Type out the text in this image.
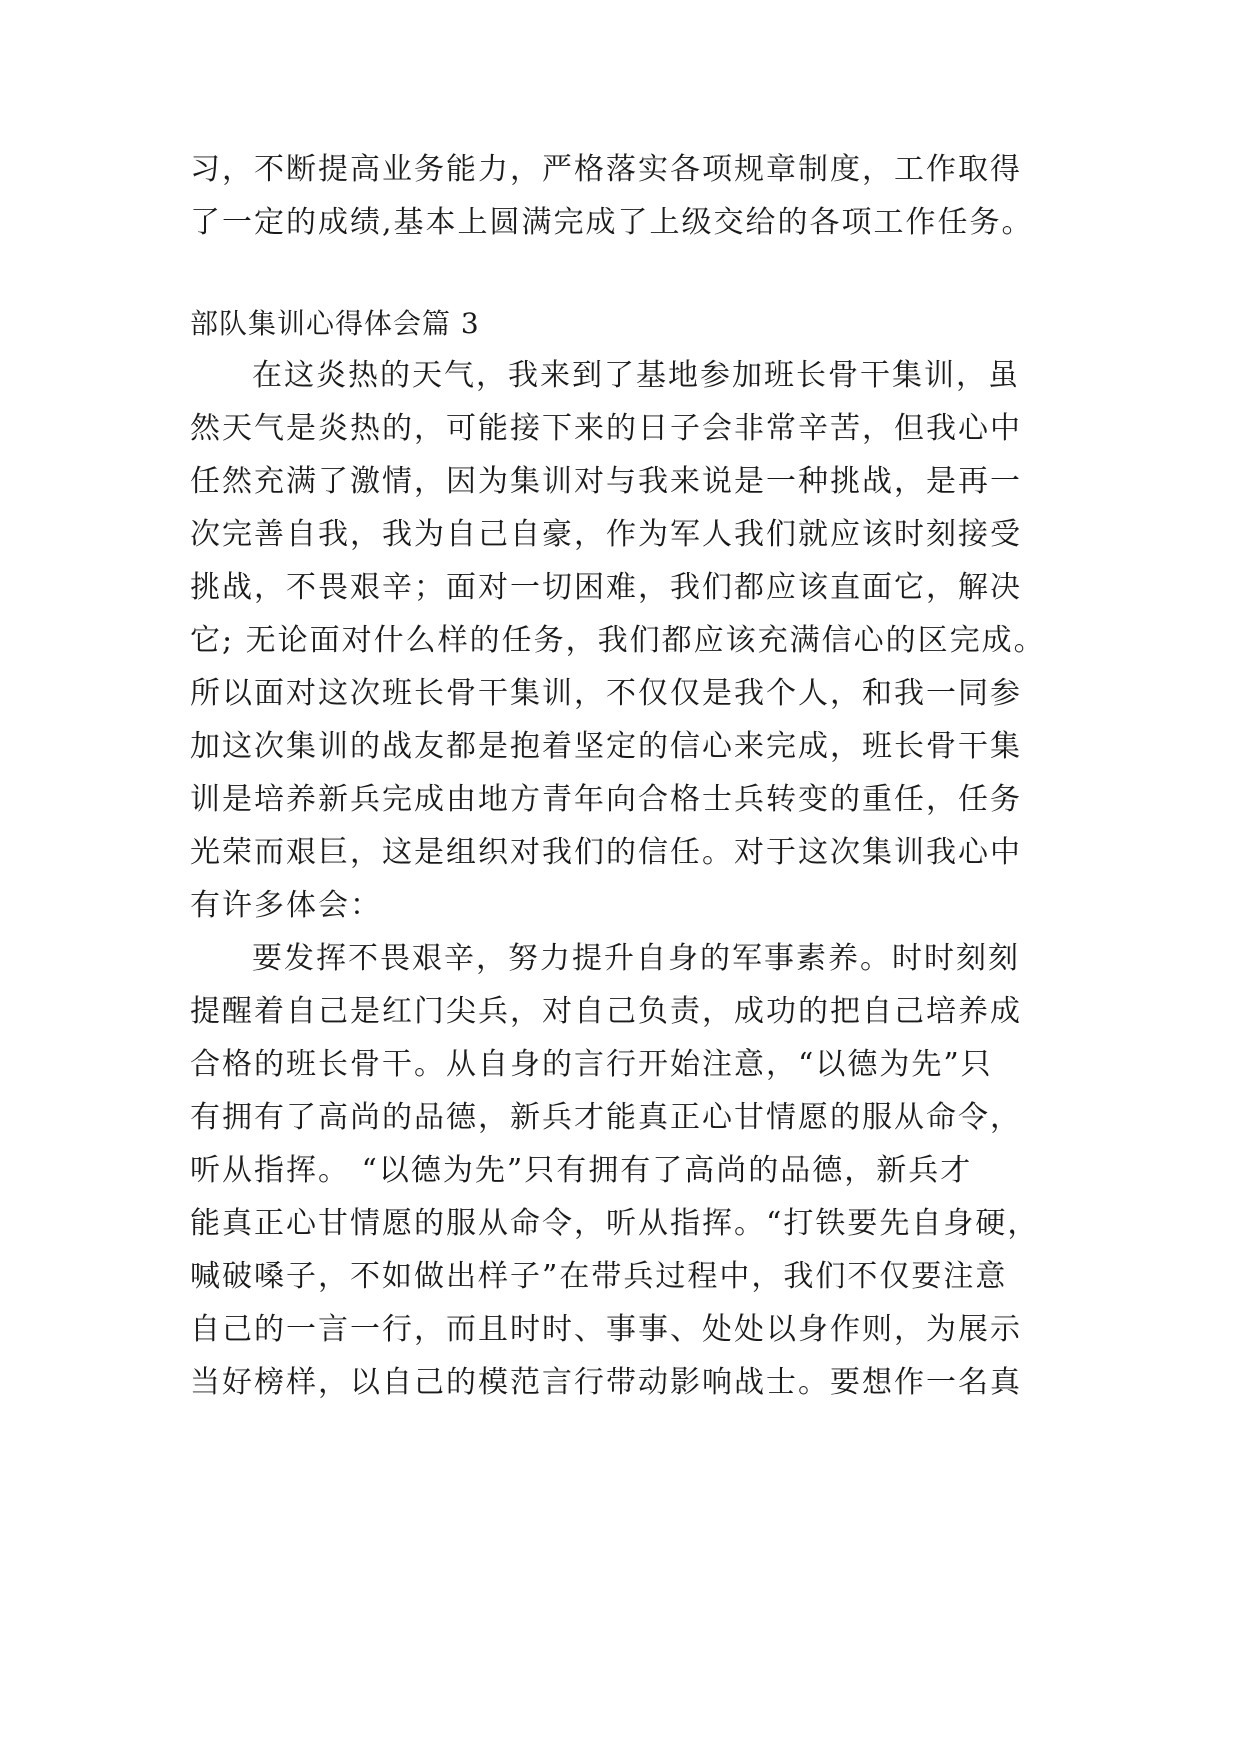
习，不断提高业务能力，严格落实各项规章制度，工作取得
了一定的成绩,基本上圆满完成了上级交给的各项工作任务。
部队集训心得体会篇 3
在这炎热的天气，我来到了基地参加班长骨干集训，虽
然天气是炎热的，可能接下来的日子会非常辛苦，但我心中
任然充满了激情，因为集训对与我来说是一种挑战，是再一
次完善自我，我为自己自豪，作为军人我们就应该时刻接受
挑战，不畏艰辛；面对一切困难，我们都应该直面它，解决
它; 无论面对什么样的任务，我们都应该充满信心的区完成。
所以面对这次班长骨干集训，不仅仅是我个人，和我一同参
加这次集训的战友都是抱着坚定的信心来完成，班长骨干集
训是培养新兵完成由地方青年向合格士兵转变的重任，任务
光荣而艰巨，这是组织对我们的信任。对于这次集训我心中
有许多体会：
要发挥不畏艰辛，努力提升自身的军事素养。时时刻刻
提醒着自己是红门尖兵，对自己负责，成功的把自己培养成
合格的班长骨干。从自身的言行开始注意，“以德为先”只
有拥有了高尚的品德，新兵才能真正心甘情愿的服从命令，
听从指挥。 “以德为先”只有拥有了高尚的品德，新兵才
能真正心甘情愿的服从命令，听从指挥。“打铁要先自身硬，
喊破嗓子，不如做出样子”在带兵过程中，我们不仅要注意
自己的一言一行，而且时时、事事、处处以身作则，为展示
当好榜样，以自己的模范言行带动影响战士。要想作一名真
